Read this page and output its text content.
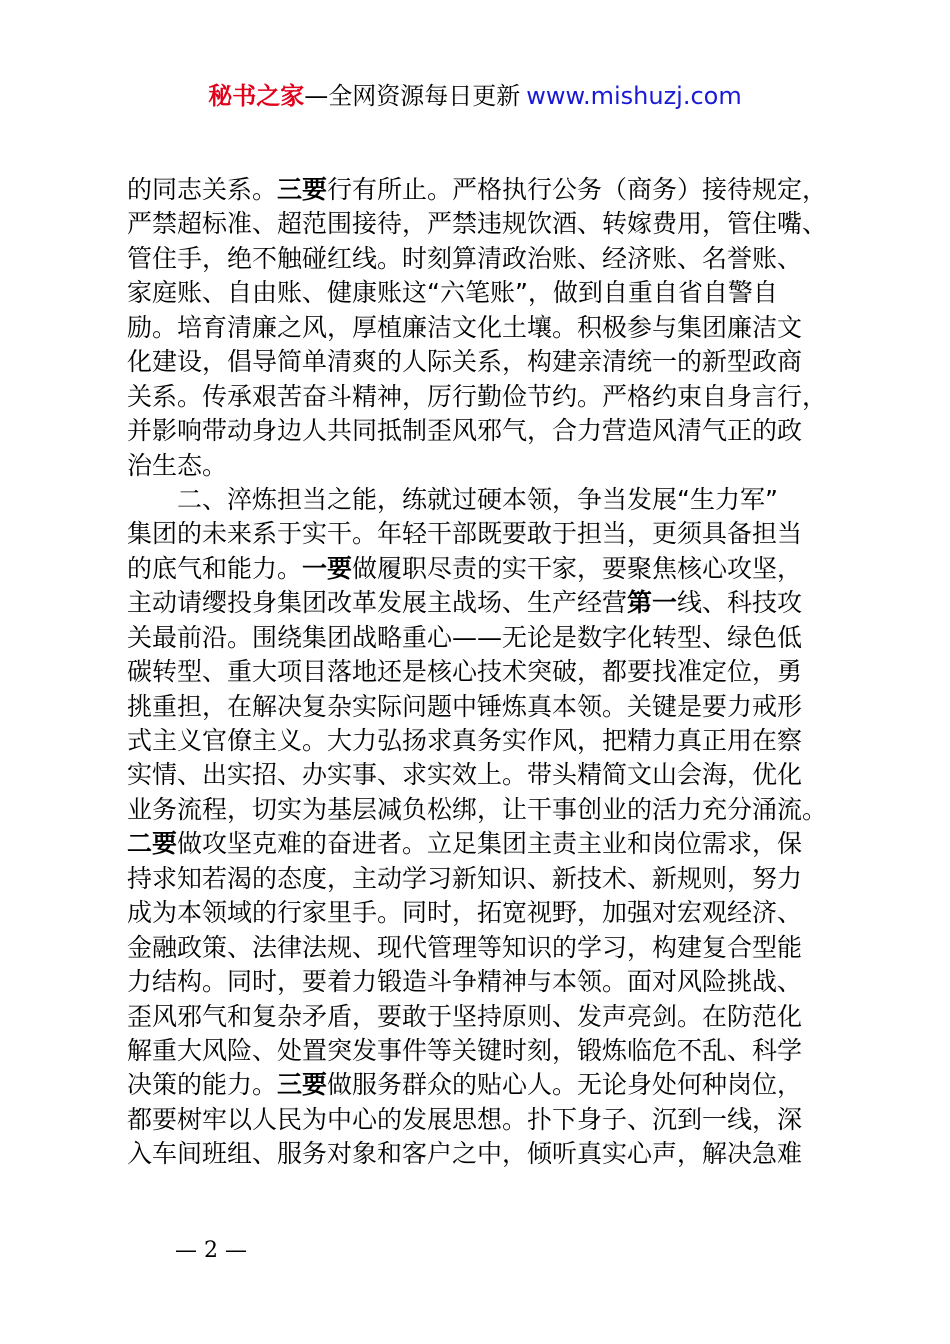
秘书之家—全网资源每日更新 www.mishuzj.com
的同志关系。三要行有所止。严格执行公务（商务）接待规定，
严禁超标准、超范围接待，严禁违规饮酒、转嫁费用，管住嘴、
管住手，绝不触碰红线。时刻算清政治账、经济账、名誉账、
家庭账、自由账、健康账这“六笔账”，做到自重自省自警自
励。培育清廉之风，厚植廉洁文化土壤。积极参与集团廉洁文
化建设，倡导简单清爽的人际关系，构建亲清统一的新型政商
关系。传承艰苦奋斗精神，厉行勤俭节约。严格约束自身言行，
并影响带动身边人共同抵制歪风邪气，合力营造风清气正的政
治生态。
二、淬炼担当之能，练就过硬本领，争当发展“生力军”
集团的未来系于实干。年轻干部既要敢于担当，更须具备担当
的底气和能力。一要做履职尽责的实干家，要聚焦核心攻坚，
主动请缨投身集团改革发展主战场、生产经营第一线、科技攻
关最前沿。围绕集团战略重心——无论是数字化转型、绿色低
碳转型、重大项目落地还是核心技术突破，都要找准定位，勇
挑重担，在解决复杂实际问题中锤炼真本领。关键是要力戒形
式主义官僚主义。大力弘扬求真务实作风，把精力真正用在察
实情、出实招、办实事、求实效上。带头精简文山会海，优化
业务流程，切实为基层减负松绑，让干事创业的活力充分涌流。
二要做攻坚克难的奋进者。立足集团主责主业和岗位需求，保
持求知若渴的态度，主动学习新知识、新技术、新规则，努力
成为本领域的行家里手。同时，拓宽视野，加强对宏观经济、
金融政策、法律法规、现代管理等知识的学习，构建复合型能
力结构。同时，要着力锻造斗争精神与本领。面对风险挑战、
歪风邪气和复杂矛盾，要敢于坚持原则、发声亮剑。在防范化
解重大风险、处置突发事件等关键时刻，锻炼临危不乱、科学
决策的能力。三要做服务群众的贴心人。无论身处何种岗位，
都要树牢以人民为中心的发展思想。扑下身子、沉到一线，深
入车间班组、服务对象和客户之中，倾听真实心声，解决急难
— 2 —
